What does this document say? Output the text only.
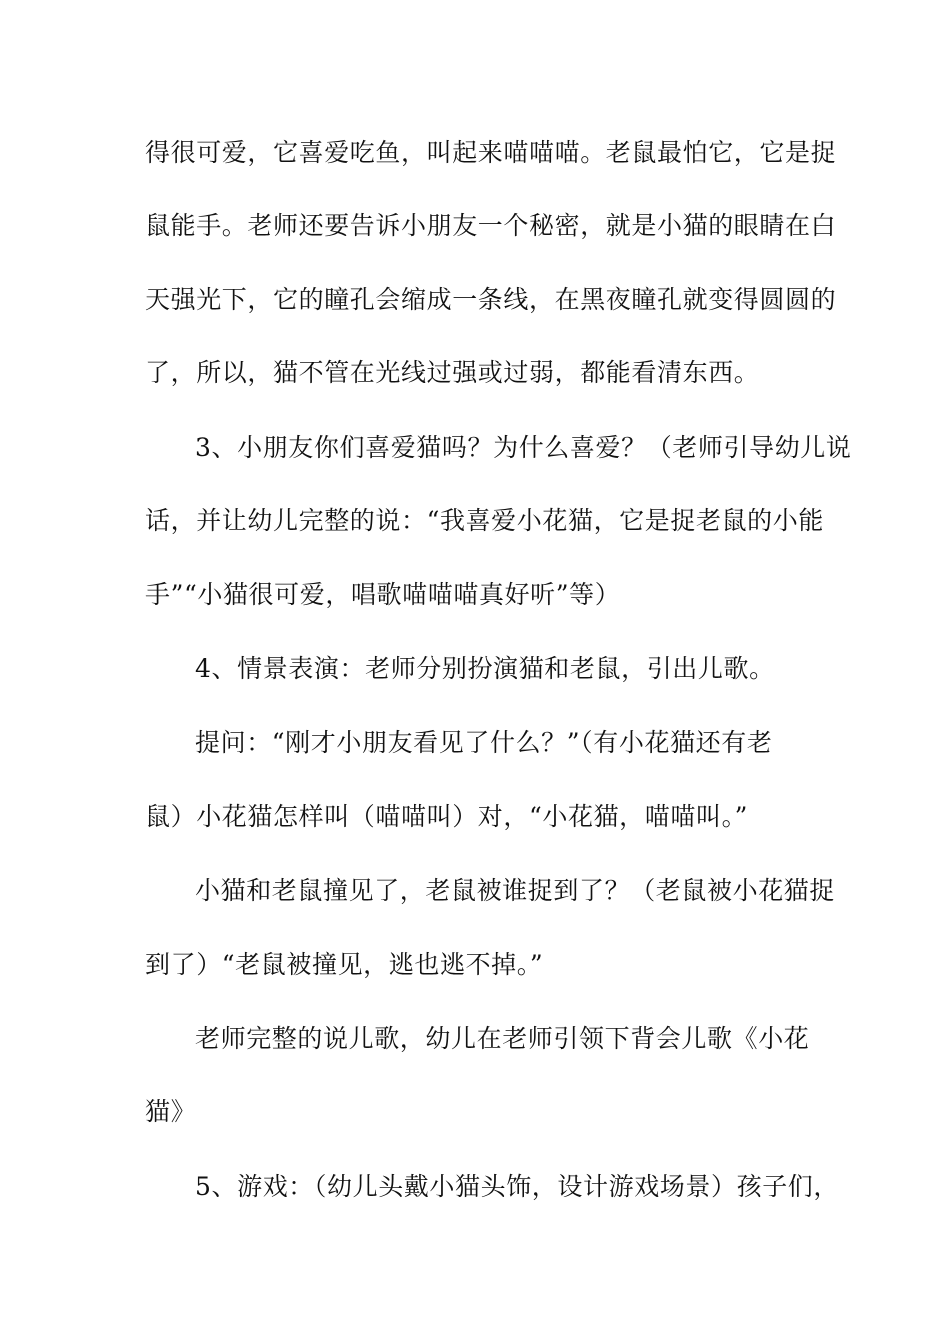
得很可爱，它喜爱吃鱼，叫起来喵喵喵。老鼠最怕它，它是捉
鼠能手。老师还要告诉小朋友一个秘密，就是小猫的眼睛在白
天强光下，它的瞳孔会缩成一条线，在黑夜瞳孔就变得圆圆的
了，所以，猫不管在光线过强或过弱，都能看清东西。
3、小朋友你们喜爱猫吗？为什么喜爱？（老师引导幼儿说
话，并让幼儿完整的说：“我喜爱小花猫，它是捉老鼠的小能
手”“小猫很可爱，唱歌喵喵喵真好听”等）
4、情景表演：老师分别扮演猫和老鼠，引出儿歌。
提问：“刚才小朋友看见了什么？”（有小花猫还有老
鼠）小花猫怎样叫（喵喵叫）对，“小花猫，喵喵叫。”
小猫和老鼠撞见了，老鼠被谁捉到了？（老鼠被小花猫捉
到了）“老鼠被撞见，逃也逃不掉。”
老师完整的说儿歌，幼儿在老师引领下背会儿歌《小花
猫》
5、游戏：（幼儿头戴小猫头饰，设计游戏场景）孩子们，
